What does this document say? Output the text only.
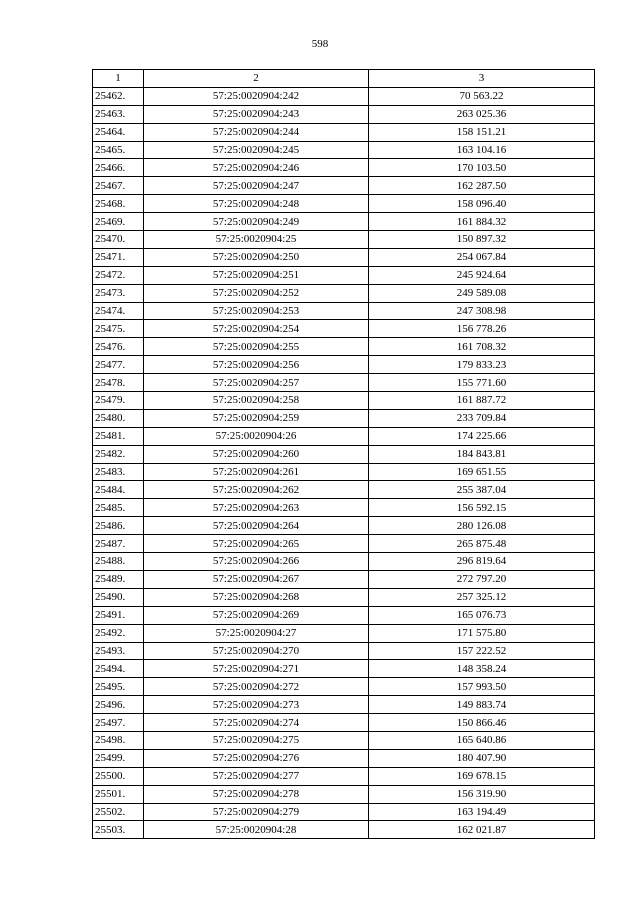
598
1	2	3
25462.	57:25:0020904:242	70 563.22
25463.	57:25:0020904:243	263 025.36
25464.	57:25:0020904:244	158 151.21
25465.	57:25:0020904:245	163 104.16
25466.	57:25:0020904:246	170 103.50
25467.	57:25:0020904:247	162 287.50
25468.	57:25:0020904:248	158 096.40
25469.	57:25:0020904:249	161 884.32
25470.	57:25:0020904:25	150 897.32
25471.	57:25:0020904:250	254 067.84
25472.	57:25:0020904:251	245 924.64
25473.	57:25:0020904:252	249 589.08
25474.	57:25:0020904:253	247 308.98
25475.	57:25:0020904:254	156 778.26
25476.	57:25:0020904:255	161 708.32
25477.	57:25:0020904:256	179 833.23
25478.	57:25:0020904:257	155 771.60
25479.	57:25:0020904:258	161 887.72
25480.	57:25:0020904:259	233 709.84
25481.	57:25:0020904:26	174 225.66
25482.	57:25:0020904:260	184 843.81
25483.	57:25:0020904:261	169 651.55
25484.	57:25:0020904:262	255 387.04
25485.	57:25:0020904:263	156 592.15
25486.	57:25:0020904:264	280 126.08
25487.	57:25:0020904:265	265 875.48
25488.	57:25:0020904:266	296 819.64
25489.	57:25:0020904:267	272 797.20
25490.	57:25:0020904:268	257 325.12
25491.	57:25:0020904:269	165 076.73
25492.	57:25:0020904:27	171 575.80
25493.	57:25:0020904:270	157 222.52
25494.	57:25:0020904:271	148 358.24
25495.	57:25:0020904:272	157 993.50
25496.	57:25:0020904:273	149 883.74
25497.	57:25:0020904:274	150 866.46
25498.	57:25:0020904:275	165 640.86
25499.	57:25:0020904:276	180 407.90
25500.	57:25:0020904:277	169 678.15
25501.	57:25:0020904:278	156 319.90
25502.	57:25:0020904:279	163 194.49
25503.	57:25:0020904:28	162 021.87
